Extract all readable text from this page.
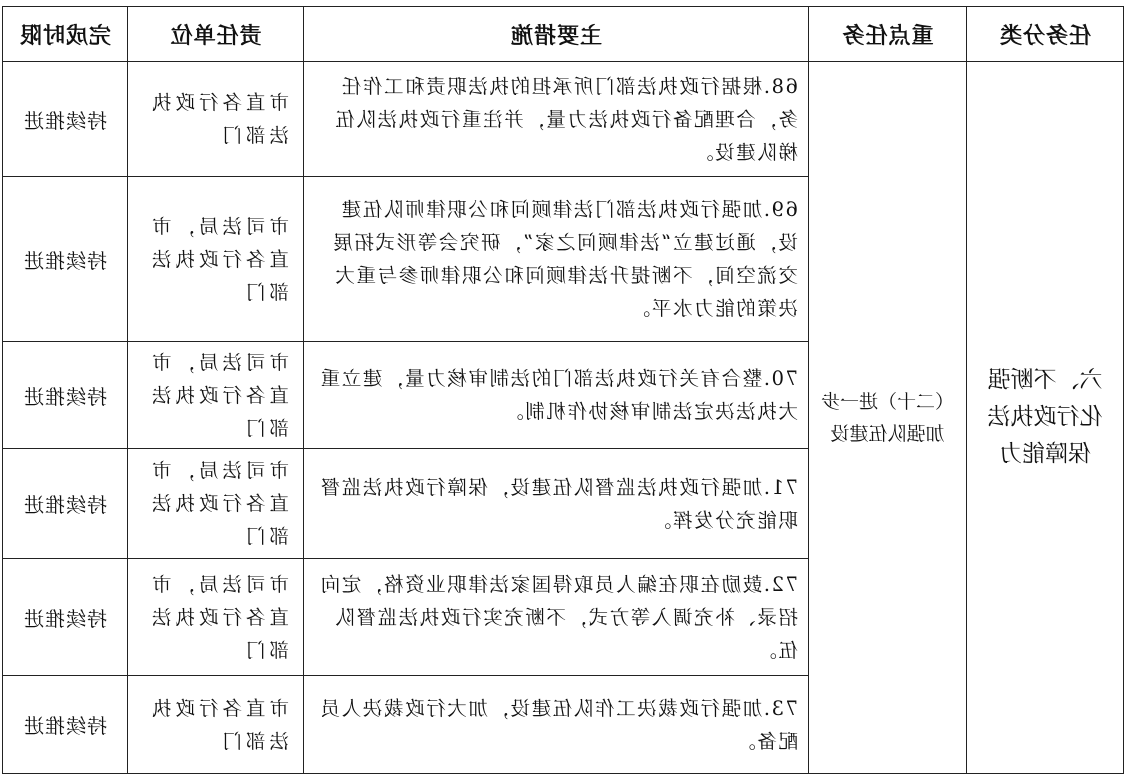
任务分类	重点任务	主要措施	责任单位	完成时限
六、不断强化行政执法保障能力	（二十）进一步加强队伍建设	68.根据行政执法部门所承担的执法职责和工作任务，合理配备行政执法力量，并注重行政执法队伍梯队建设。	市直各行政执法部门	持续推进
		69.加强行政执法部门法律顾问和公职律师队伍建设，通过建立“法律顾问之家”，研究会等形式拓展交流空间，不断提升法律顾问和公职律师参与重大决策的能力水平。	市司法局，市直各行政执法部门	持续推进
		70.整合有关行政执法部门的法制审核力量，建立重大执法决定法制审核协作机制。	市司法局，市直各行政执法部门	持续推进
		71.加强行政执法监督队伍建设，保障行政执法监督职能充分发挥。	市司法局，市直各行政执法部门	持续推进
		72.鼓励在职在编人员取得国家法律职业资格，定向招录、补充调入等方式，不断充实行政执法监督队伍。	市司法局，市直各行政执法部门	持续推进
		73.加强行政裁决工作队伍建设，加大行政裁决人员配备。	市直各行政执法部门	持续推进
